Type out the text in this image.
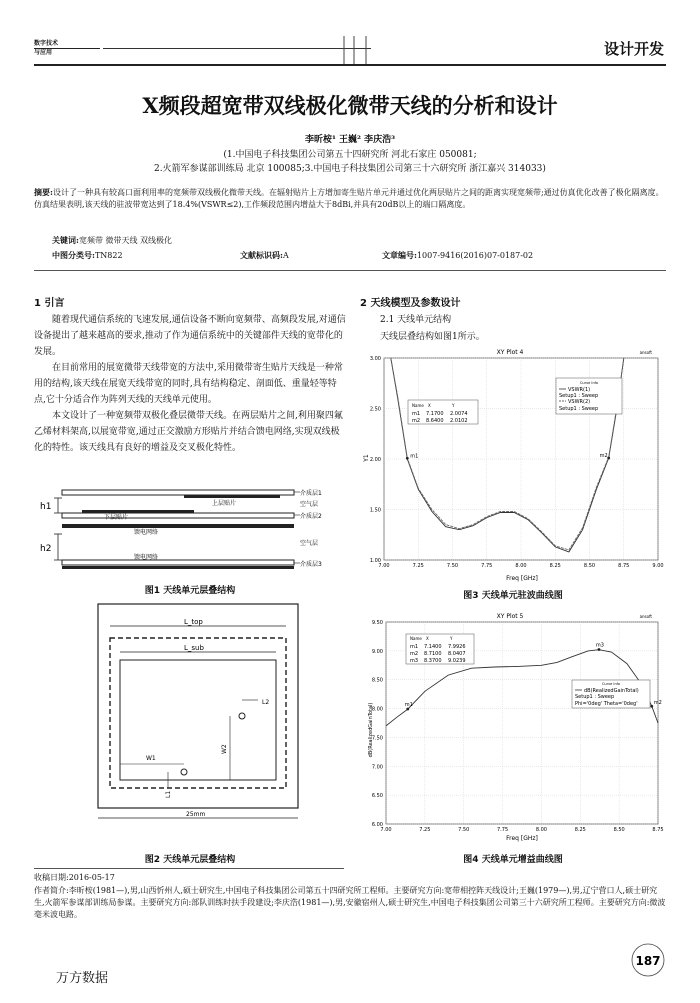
数字技术
与应用	设计开发
X频段超宽带双线极化微带天线的分析和设计
李昕桉¹ 王巍² 李庆浩³
(1.中国电子科技集团公司第五十四研究所 河北石家庄 050081;
2.火箭军参谋部训练局 北京 100085;3.中国电子科技集团公司第三十六研究所 浙江嘉兴 314033)
摘要:设计了一种具有较高口面利用率的宽频带双线极化微带天线。在辐射贴片上方增加寄生贴片单元并通过优化两层贴片之间的距离实现宽频带;通过仿真优化改善了极化隔离度。仿真结果表明,该天线的驻波带宽达到了18.4%(VSWR≤2),工作频段范围内增益大于8dBi,并具有20dB以上的端口隔离度。
关键词:宽频带 微带天线 双线极化
中图分类号:TN822	文献标识码:A	文章编号:1007-9416(2016)07-0187-02
1 引言

随着现代通信系统的飞速发展,通信设备不断向宽频带、高频段发展,对通信设备提出了越来越高的要求,推动了作为通信系统中的关键部件天线的宽带化的发展。

在目前常用的展宽微带天线带宽的方法中,采用微带寄生贴片天线是一种常用的结构,该天线在展宽天线带宽的同时,具有结构稳定、剖面低、重量轻等特点,它十分适合作为阵列天线的天线单元使用。

本文设计了一种宽频带双极化叠层微带天线。在两层贴片之间,利用聚四氟乙烯材料架高,以展宽带宽,通过正交激励方形贴片并结合馈电网络,实现双线极化的特性。该天线具有良好的增益及交叉极化特性。

h1
h2
上层贴片
下层贴片
馈电网络
馈电网络
介质层1
空气层
介质层2
空气层
介质层3
图1 天线单元层叠结构
L_top
L_sub
L2
W2
W1
L1
25mm
图2 天线单元层叠结构
2 天线模型及参数设计
2.1 天线单元结构
天线层叠结构如图1所示。
XY Plot 4	ansoft
Y1
Freq [GHz]
7.00	7.25	7.50	7.75	8.00	8.25	8.50	8.75	9.00
1.00
1.50
2.00
2.50
3.00
m1	m2
Name X	Y
m1 7.1700 2.0074
m2 8.6400 2.0102
Curve Info
VSWR(1)
Setup1 : Sweep
VSWR(2)
Setup1 : Sweep
图3 天线单元驻波曲线图
XY Plot 5	ansoft
dB(RealizedGainTotal)
Freq [GHz]
7.00	7.25	7.50	7.75	8.00	8.25	8.50	8.75
6.00
6.50
7.00
7.50
8.00
8.50
9.00
9.50
m1	m2
m3
Name X	Y
m1 7.1400 7.9926
m2 8.7100 8.0407
m3 8.3700 9.0239
Curve Info
dB(RealizedGainTotal)
Setup1 : Sweep
Phi='0deg' Theta='0deg'
图4 天线单元增益曲线图
收稿日期:2016-05-17
作者简介:李昕桉(1981—),男,山西忻州人,硕士研究生,中国电子科技集团公司第五十四研究所工程师。主要研究方向:宽带相控阵天线设计;王巍(1979—),男,辽宁营口人,硕士研究生,火箭军参谋部训练局参谋。主要研究方向:部队训练时扶手段建设;李庆浩(1981—),男,安徽宿州人,硕士研究生,中国电子科技集团公司第三十六研究所工程师。主要研究方向:微波毫米波电路。
187
万方数据
